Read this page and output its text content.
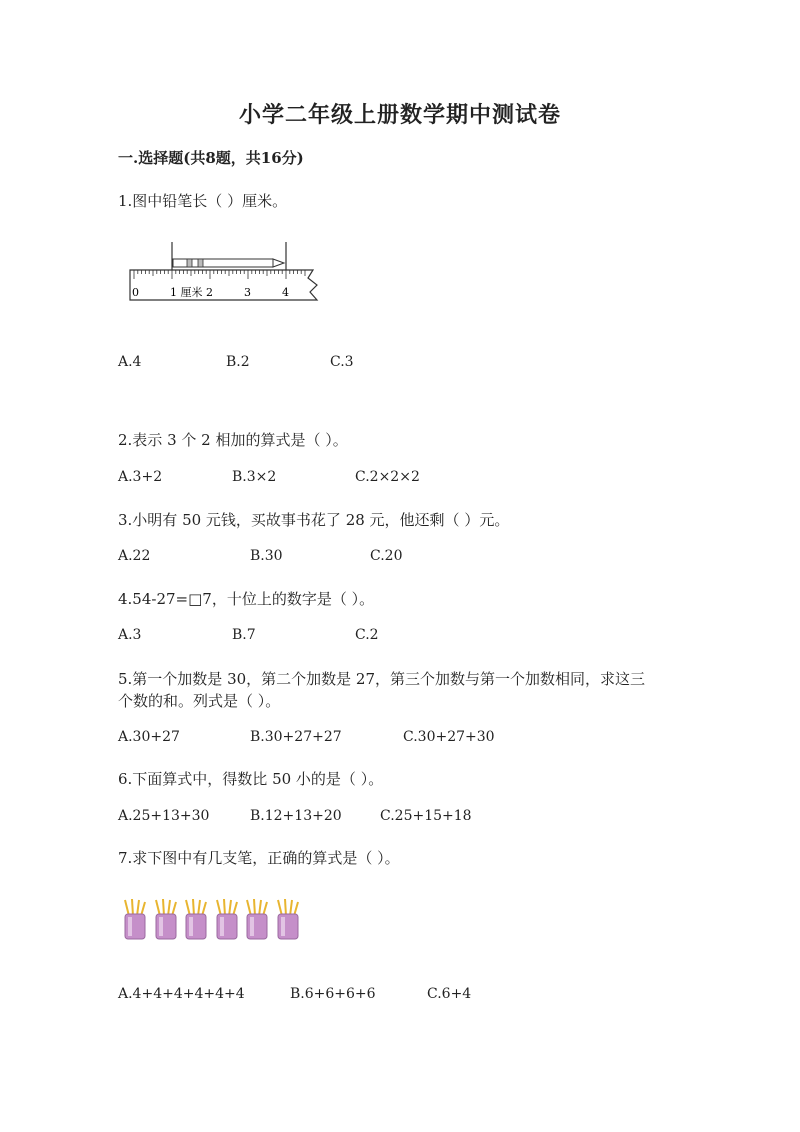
小学二年级上册数学期中测试卷
一.选择题(共8题，共16分)
1.图中铅笔长（ ）厘米。
0	1 厘米 2	3	4
A.4	B.2	C.3
2.表示 3 个 2 相加的算式是（ ）。
A.3+2	B.3×2	C.2×2×2
3.小明有 50 元钱，买故事书花了 28 元，他还剩（ ）元。
A.22	B.30	C.20
4.54-27=□7，十位上的数字是（ ）。
A.3	B.7	C.2
5.第一个加数是 30，第二个加数是 27，第三个加数与第一个加数相同，求这三
个数的和。列式是（ ）。
A.30+27	B.30+27+27	C.30+27+30
6.下面算式中，得数比 50 小的是（ ）。
A.25+13+30	B.12+13+20	C.25+15+18
7.求下图中有几支笔，正确的算式是（ ）。
A.4+4+4+4+4+4	B.6+6+6+6	C.6+4
